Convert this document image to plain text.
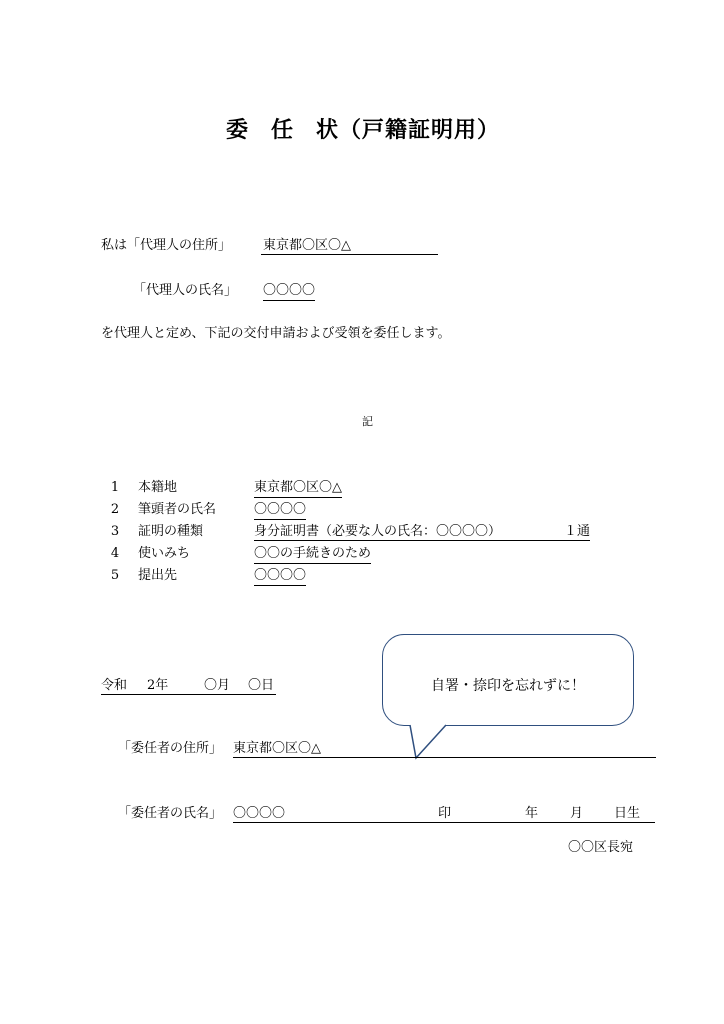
委 任 状（戸籍証明用）
私は「代理人の住所」 東京都〇区〇△
「代理人の氏名」 〇〇〇〇
を代理人と定め、下記の交付申請および受領を委任します。
記
1 本籍地	東京都〇区〇△
2 筆頭者の氏名	〇〇〇〇
3 証明の種類	身分証明書（必要な人の氏名：〇〇〇〇）	１通
4 使いみち	〇〇の手続きのため
5 提出先	〇〇〇〇
令和 2年	〇月 〇日	自署・捺印を忘れずに！
「委任者の住所」 東京都〇区〇△
「委任者の氏名」 〇〇〇〇	印	年 月 日生
〇〇区長宛
